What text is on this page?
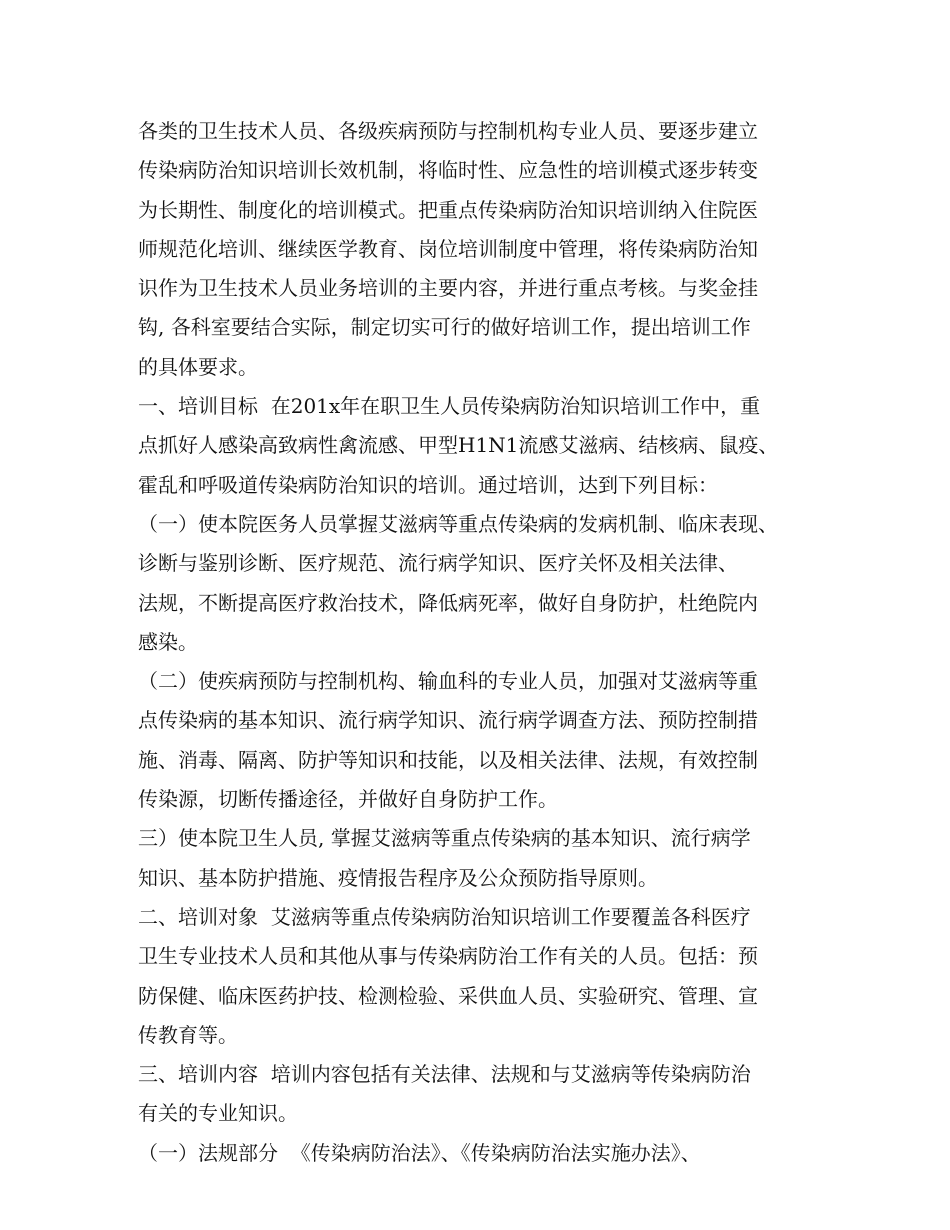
各类的卫生技术人员、各级疾病预防与控制机构专业人员、要逐步建立
传染病防治知识培训长效机制，将临时性、应急性的培训模式逐步转变
为长期性、制度化的培训模式。把重点传染病防治知识培训纳入住院医
师规范化培训、继续医学教育、岗位培训制度中管理，将传染病防治知
识作为卫生技术人员业务培训的主要内容，并进行重点考核。与奖金挂
钩, 各科室要结合实际，制定切实可行的做好培训工作，提出培训工作
的具体要求。
一、培训目标  在201x年在职卫生人员传染病防治知识培训工作中，重
点抓好人感染高致病性禽流感、甲型H1N1流感艾滋病、结核病、鼠疫、
霍乱和呼吸道传染病防治知识的培训。通过培训，达到下列目标：
（一）使本院医务人员掌握艾滋病等重点传染病的发病机制、临床表现、
诊断与鉴别诊断、医疗规范、流行病学知识、医疗关怀及相关法律、
法规，不断提高医疗救治技术，降低病死率，做好自身防护，杜绝院内
感染。
（二）使疾病预防与控制机构、输血科的专业人员，加强对艾滋病等重
点传染病的基本知识、流行病学知识、流行病学调查方法、预防控制措
施、消毒、隔离、防护等知识和技能，以及相关法律、法规，有效控制
传染源，切断传播途径，并做好自身防护工作。
三）使本院卫生人员, 掌握艾滋病等重点传染病的基本知识、流行病学
知识、基本防护措施、疫情报告程序及公众预防指导原则。
二、培训对象  艾滋病等重点传染病防治知识培训工作要覆盖各科医疗
卫生专业技术人员和其他从事与传染病防治工作有关的人员。包括：预
防保健、临床医药护技、检测检验、采供血人员、实验研究、管理、宣
传教育等。
三、培训内容  培训内容包括有关法律、法规和与艾滋病等传染病防治
有关的专业知识。
（一）法规部分  《传染病防治法》、《传染病防治法实施办法》、
